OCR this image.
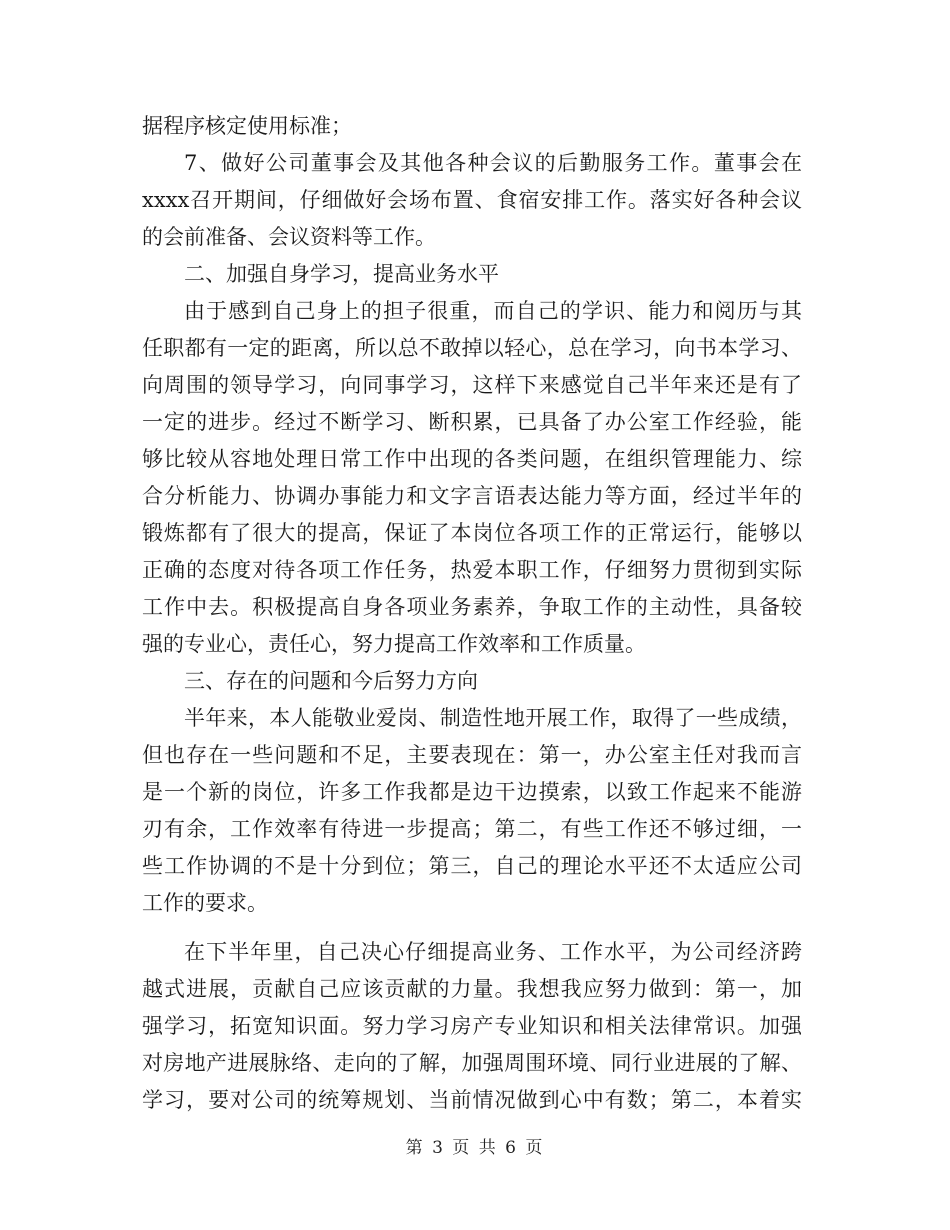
据程序核定使用标准；
7、做好公司董事会及其他各种会议的后勤服务工作。董事会在
xxxx召开期间，仔细做好会场布置、食宿安排工作。落实好各种会议
的会前准备、会议资料等工作。
二、加强自身学习，提高业务水平
由于感到自己身上的担子很重，而自己的学识、能力和阅历与其
任职都有一定的距离，所以总不敢掉以轻心，总在学习，向书本学习、
向周围的领导学习，向同事学习，这样下来感觉自己半年来还是有了
一定的进步。经过不断学习、断积累，已具备了办公室工作经验，能
够比较从容地处理日常工作中出现的各类问题，在组织管理能力、综
合分析能力、协调办事能力和文字言语表达能力等方面，经过半年的
锻炼都有了很大的提高，保证了本岗位各项工作的正常运行，能够以
正确的态度对待各项工作任务，热爱本职工作，仔细努力贯彻到实际
工作中去。积极提高自身各项业务素养，争取工作的主动性，具备较
强的专业心，责任心，努力提高工作效率和工作质量。
三、存在的问题和今后努力方向
半年来，本人能敬业爱岗、制造性地开展工作，取得了一些成绩，
但也存在一些问题和不足，主要表现在：第一，办公室主任对我而言
是一个新的岗位，许多工作我都是边干边摸索，以致工作起来不能游
刃有余，工作效率有待进一步提高；第二，有些工作还不够过细，一
些工作协调的不是十分到位；第三，自己的理论水平还不太适应公司
工作的要求。
在下半年里，自己决心仔细提高业务、工作水平，为公司经济跨
越式进展，贡献自己应该贡献的力量。我想我应努力做到：第一，加
强学习，拓宽知识面。努力学习房产专业知识和相关法律常识。加强
对房地产进展脉络、走向的了解，加强周围环境、同行业进展的了解、
学习，要对公司的统筹规划、当前情况做到心中有数；第二，本着实
第 3 页 共 6 页
